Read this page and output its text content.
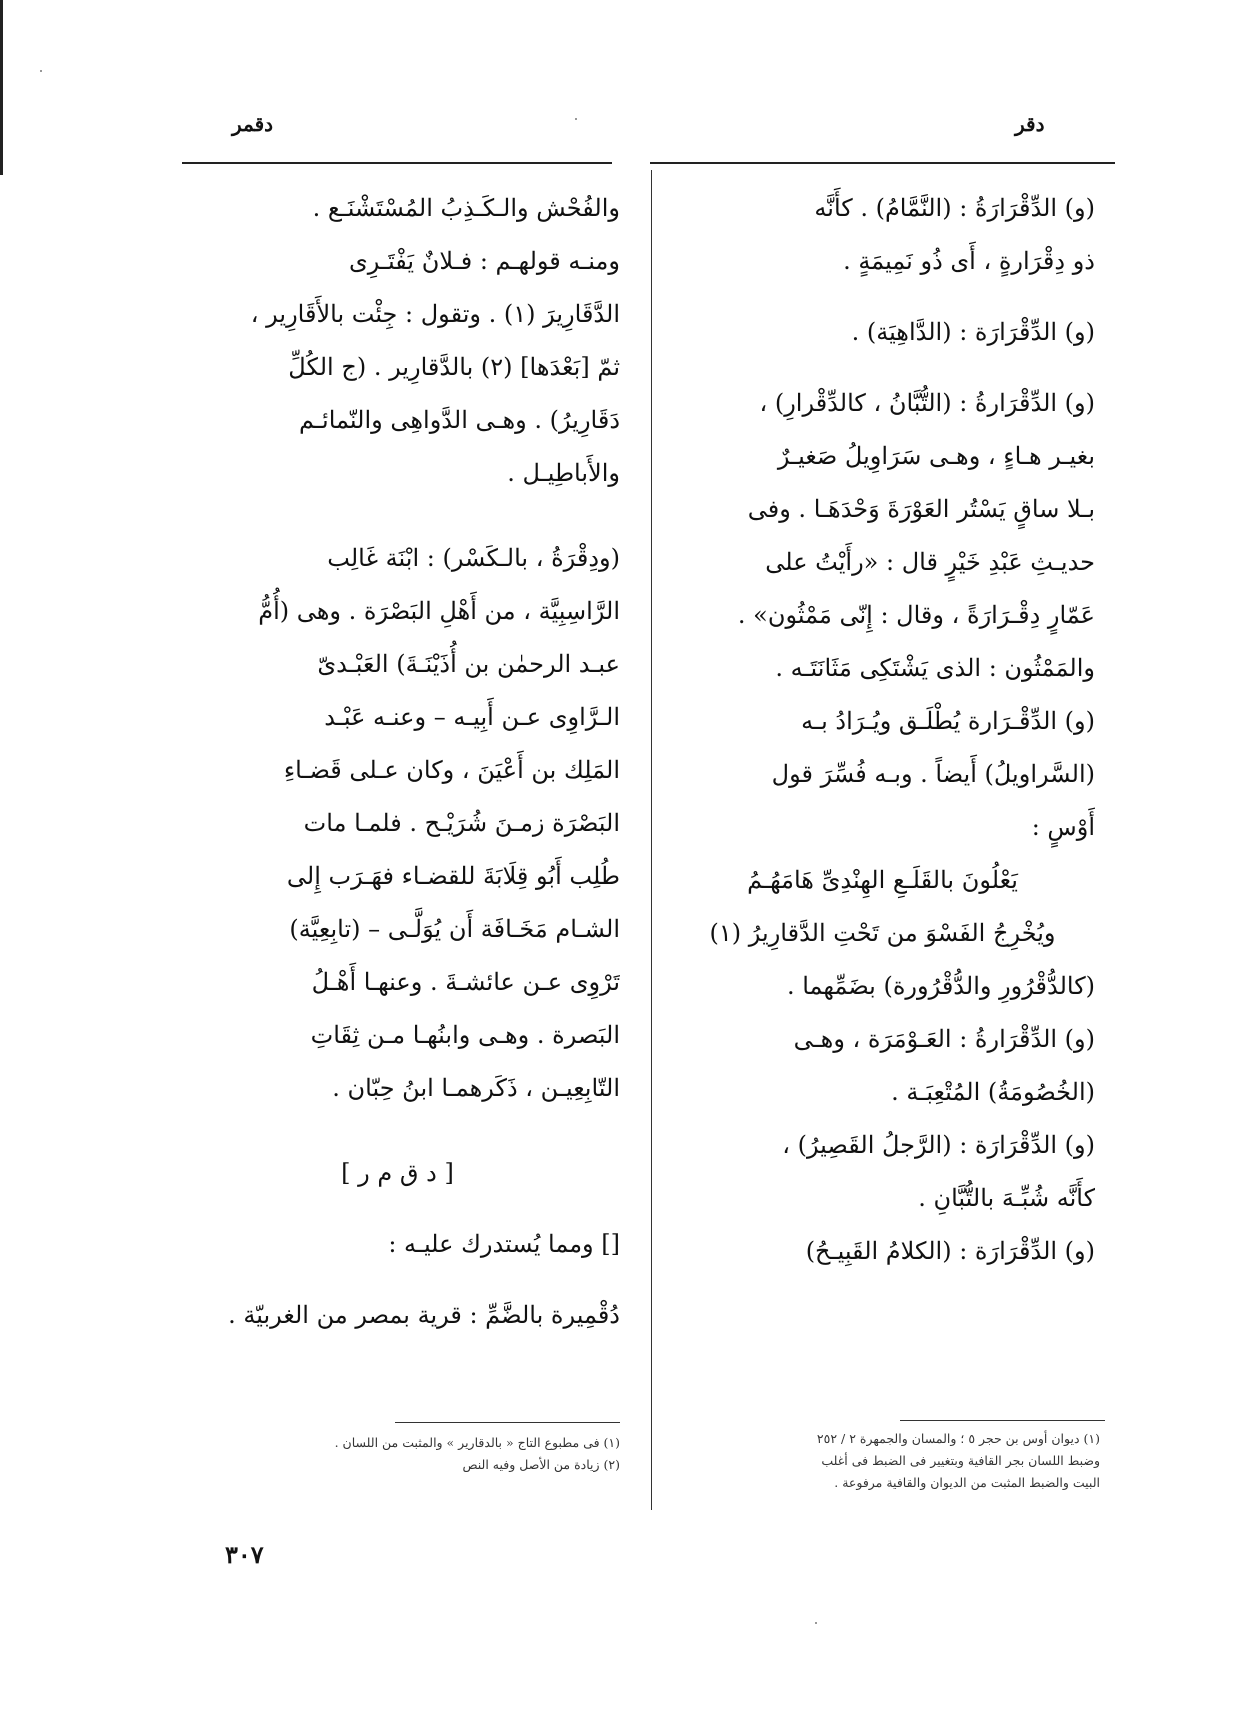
دقر
دقمر
(و) الدِّقْرَارَةُ : (النَّمَّامُ) . كأَنَّه
ذو دِقْرَارةٍ ، أَى ذُو نَمِيمَةٍ .
(و) الدِّقْرَارَة : (الدَّاهِيَة) .
(و) الدِّقْرَارةُ : (التُّبَّانُ ، كالدِّقْرارِ) ،
بغيـر هـاءٍ ، وهـى سَرَاوِيلُ صَغيـرٌ
بـلا ساقٍ يَسْتُر العَوْرَةَ وَحْدَهَـا . وفى
حديـثِ عَبْدِ خَيْرٍ قال : «رأَيْتُ على
عَمّارٍ دِقْـرَارَةً ، وقال : إِنّى مَمْثُون» .
والمَمْثُون : الذى يَشْتَكِى مَثَانَتَـه .
(و) الدِّقْـرَارة يُطْلَـق ويُـرَادُ بـه
(السَّراويلُ) أَيضاً . وبـه فُسِّرَ قول
أَوْسٍ :
يَعْلُونَ بالقَلَـعِ الهِنْدِىِّ هَامَهُـمُ
ويُخْرِجُ الفَسْوَ من تَحْتِ الدَّقارِيرُ (١)
(كالدُّقْرُورِ والدُّقْرُورة) بضَمِّهما .
(و) الدِّقْرَارةُ : العَـوْمَرَة ، وهـى
(الخُصُومَةُ) المُتْعِبَـة .
(و) الدِّقْرَارَة : (الرَّجلُ القَصِيرُ) ،
كأَنَّه شُبِّـهَ بالتُّبَّانِ .
(و) الدِّقْرَارَة : (الكلامُ القَبِيـحُ)
والفُحْش والـكَـذِبُ المُسْتَشْنَـع .
ومنـه قولهـم : فـلانٌ يَفْتَـرِى
الدَّقَارِيرَ (١) . وتقول : جِئْت بالأَقَارِير ،
ثمّ [بَعْدَها] (٢) بالدَّقارِير . (ج الكُلِّ
دَقَارِيرُ) . وهـى الدَّواهِى والنّمائـم
والأَباطِيـل .
(ودِقْرَةُ ، بالـكَسْر) : ابْنَة غَالِب
الرَّاسِبِيَّة ، من أَهْلِ البَصْرَة . وهى (أُمُّ
عبـد الرحمٰن بن أُذَيْنَـةَ) العَبْـدىّ
الـرَّاوِى عـن أَبِيـه – وعنـه عَبْـد
المَلِك بن أَعْيَنَ ، وكان عـلى قَضـاءِ
البَصْرَة زمـنَ شُرَيْـح . فلمـا مات
طُلِب أَبُو قِلَابَةَ للقضـاء فهَـرَب إِلى
الشـام مَخَـافَة أَن يُوَلَّـى – (تابِعِيَّة)
تَرْوِى عـن عائشـةَ . وعنهـا أَهْـلُ
البَصرة . وهـى وابنُهـا مـن ثِقَاتِ
التّابِعِيـن ، ذَكَرهمـا ابنُ حِبّان .
[ د ق م ر ]
[] ومما يُستدرك عليـه :
دُقْمِيرة بالضَّمِّ : قرية بمصر من الغربيّة .
(١) ديوان أوس بن حجر ٥ ؛ والمسان والجمهرة ٢ / ٢٥٢
وضبط اللسان بجر القافية وبتغيير فى الضبط فى أغلب
البيت والضبط المثبت من الديوان والقافية مرفوعة .
(١) فى مطبوع التاج « بالدقارير » والمثبت من اللسان .
(٢) زيادة من الأصل وفيه النص
٣٠٧
